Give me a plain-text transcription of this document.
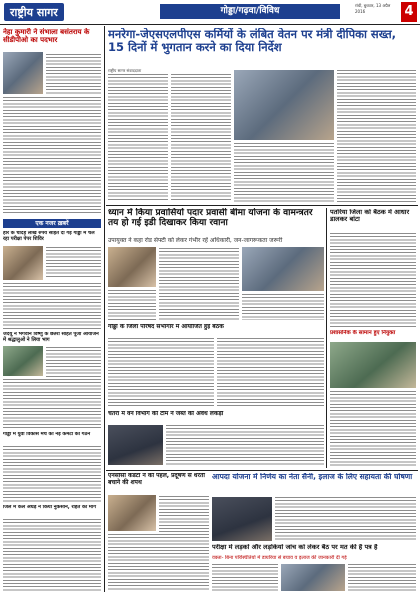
राष्ट्रीय सागर	गोड्डा/गढ़वा/विविध
रांची, बुधवार, 13 अप्रैल 2016	4
नेहा कुमारी ने संभाला बसंतराय के सीडीपीओ का पदभार
एक नजर ख़बरें
हार के चौदह लाख रुपये सहित दी गई गोड्डा में चल रहा परीक्षा पेपर शिविर
जदयू ने भगवान विष्णु के छतरी सहित पूजा आयोजन में श्रद्धालुओं ने लिया भाग
गोड्डा में युवा विकास मंच की नई कमेटी का गठन
जिले में कल अंधड़ ने किया नुकसान, राहत की मांग
मनरेगा-जेएसएलपीएस कर्मियों के लंबित वेतन पर मंत्री दीपिका सख्त, 15 दिनों में भुगतान करने का दिया निर्देश
राष्ट्रीय सागर संवाददाता
ध्यान में किया प्रवासियों पदार प्रवासी बीमा योजना के वामन्त्रतर तय हो गई इडी दिखाकर किया रवाना
उपायुक्त ने कहा रोड सेफ्टी को लेकर गंभीर रहें अधिकारी, जन-जागरूकता जरूरी
गोड्डा के जिला परिषद सभागार में आयोजित हुई बैठक
चतरा में वन विभाग की टीम ने जब्त की अवैध लकड़ी
पतरिया जिला को बैठक में आधार डालकर बांटा
प्रशासनिक के सामान हुए नियुक्त
आपदा योजना में निर्णय का नेता सैनी, इलाज के लिए सहायता की घोषणा
एनसीसी कैडेटों ने की पहल, प्रदूषण से धरती बचाने की शपथ
परीक्षा में लड़कों और लड़कियों जांच को लेकर बैठ पर मत की है पत्र है
वक्ता- बिना परिस्थितियों में डायरिया से बचाव व इलाज की जानकारी दी गई
